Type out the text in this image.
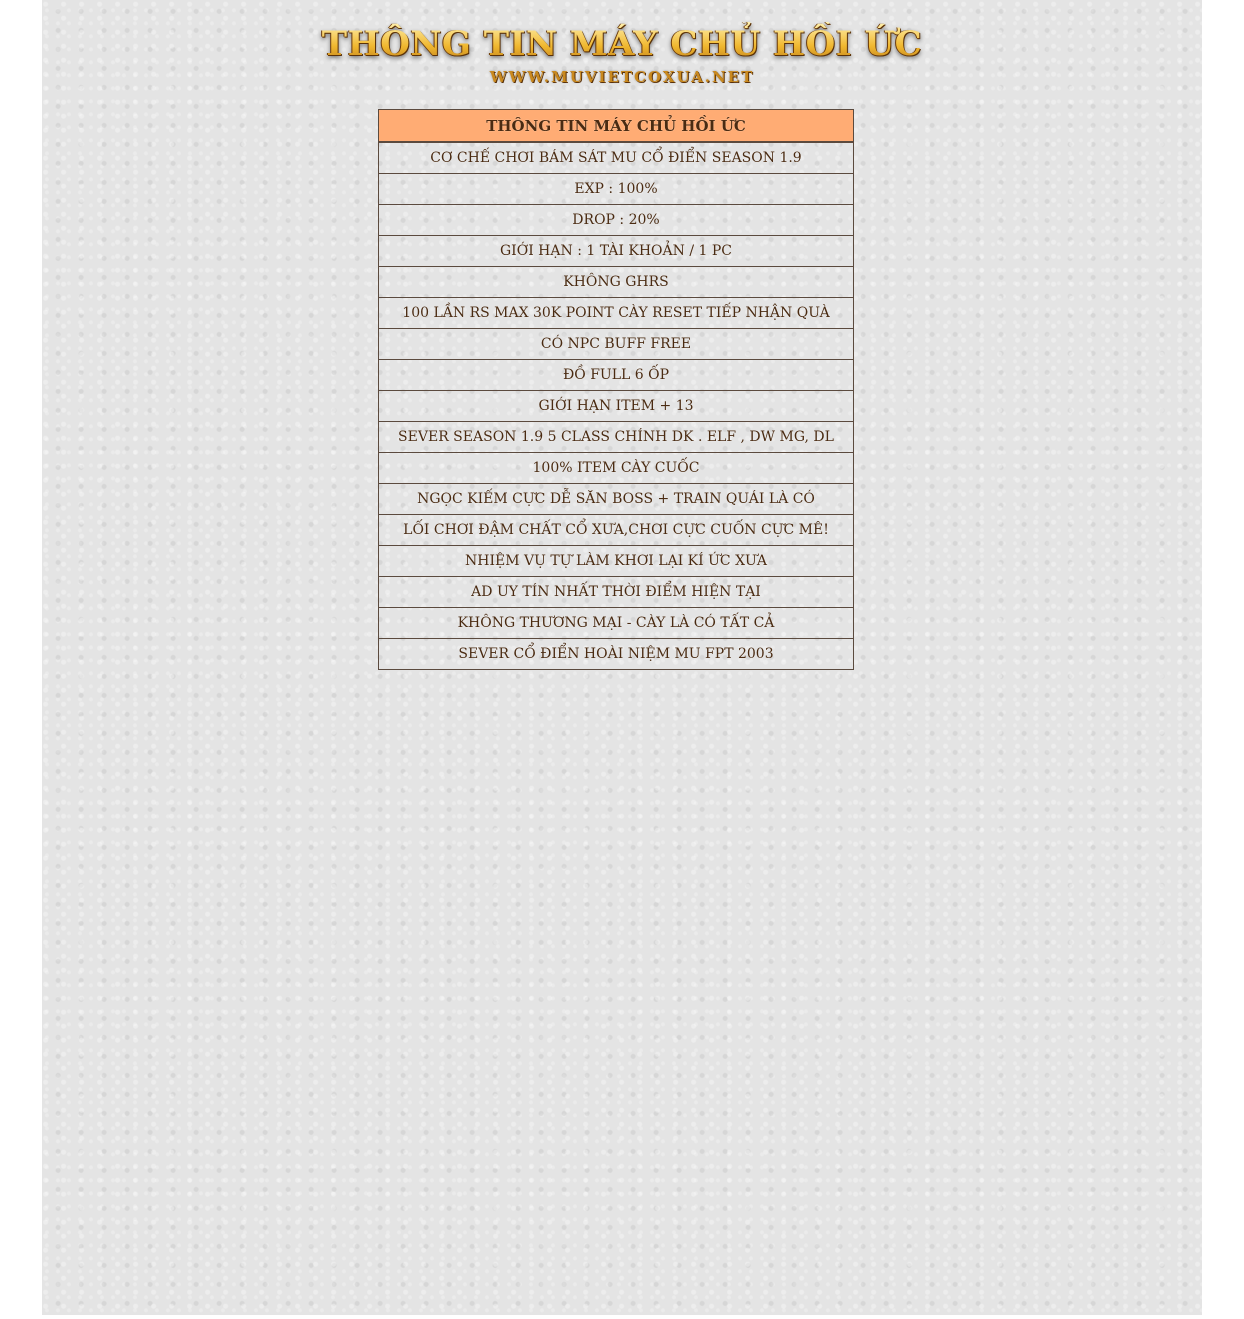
THÔNG TIN MÁY CHỦ HỒI ỨC
WWW.MUVIETCOXUA.NET
THÔNG TIN MÁY CHỦ HỒI ỨC
CƠ CHẾ CHƠI BÁM SÁT MU CỔ ĐIỂN SEASON 1.9
EXP : 100%
DROP : 20%
GIỚI HẠN : 1 TÀI KHOẢN / 1 PC
KHÔNG GHRS
100 LẦN RS MAX 30K POINT CÀY RESET TIẾP NHẬN QUÀ
CÓ NPC BUFF FREE
ĐỒ FULL 6 ỐP
GIỚI HẠN ITEM + 13
SEVER SEASON 1.9 5 CLASS CHÍNH DK . ELF , DW MG, DL
100% ITEM CÀY CUỐC
NGỌC KIẾM CỰC DỄ SĂN BOSS + TRAIN QUÁI LÀ CÓ
LỐI CHƠI ĐẬM CHẤT CỔ XƯA,CHƠI CỰC CUỐN CỰC MÊ!
NHIỆM VỤ TỰ LÀM KHƠI LẠI KÍ ỨC XƯA
AD UY TÍN NHẤT THỜI ĐIỂM HIỆN TẠI
KHÔNG THƯƠNG MẠI - CÀY LÀ CÓ TẤT CẢ
SEVER CỔ ĐIỂN HOÀI NIỆM MU FPT 2003
